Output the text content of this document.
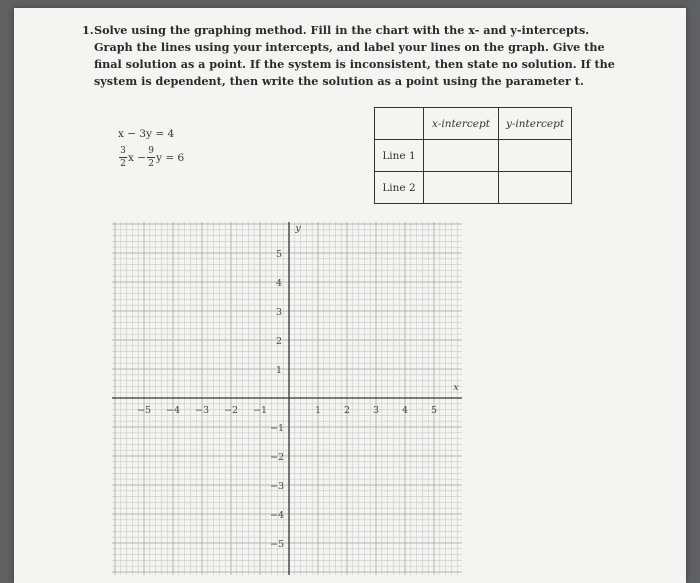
1. Solve using the graphing method. Fill in the chart with the x- and y-intercepts. Graph the lines using your intercepts, and label your lines on the graph. Give the final solution as a point. If the system is inconsistent, then state no solution. If the system is dependent, then write the solution as a point using the parameter t.
x − 3y = 4
$\frac{3}{2}$ $x - \frac{9}{2}$ y = 6
	x-intercept	y-intercept
Line 1		
Line 2		
x
y
−5 −4 −3 −2 −1	1 2 3 4 5
5
4
3
2
1
−1
−2
−3
−4
−5
